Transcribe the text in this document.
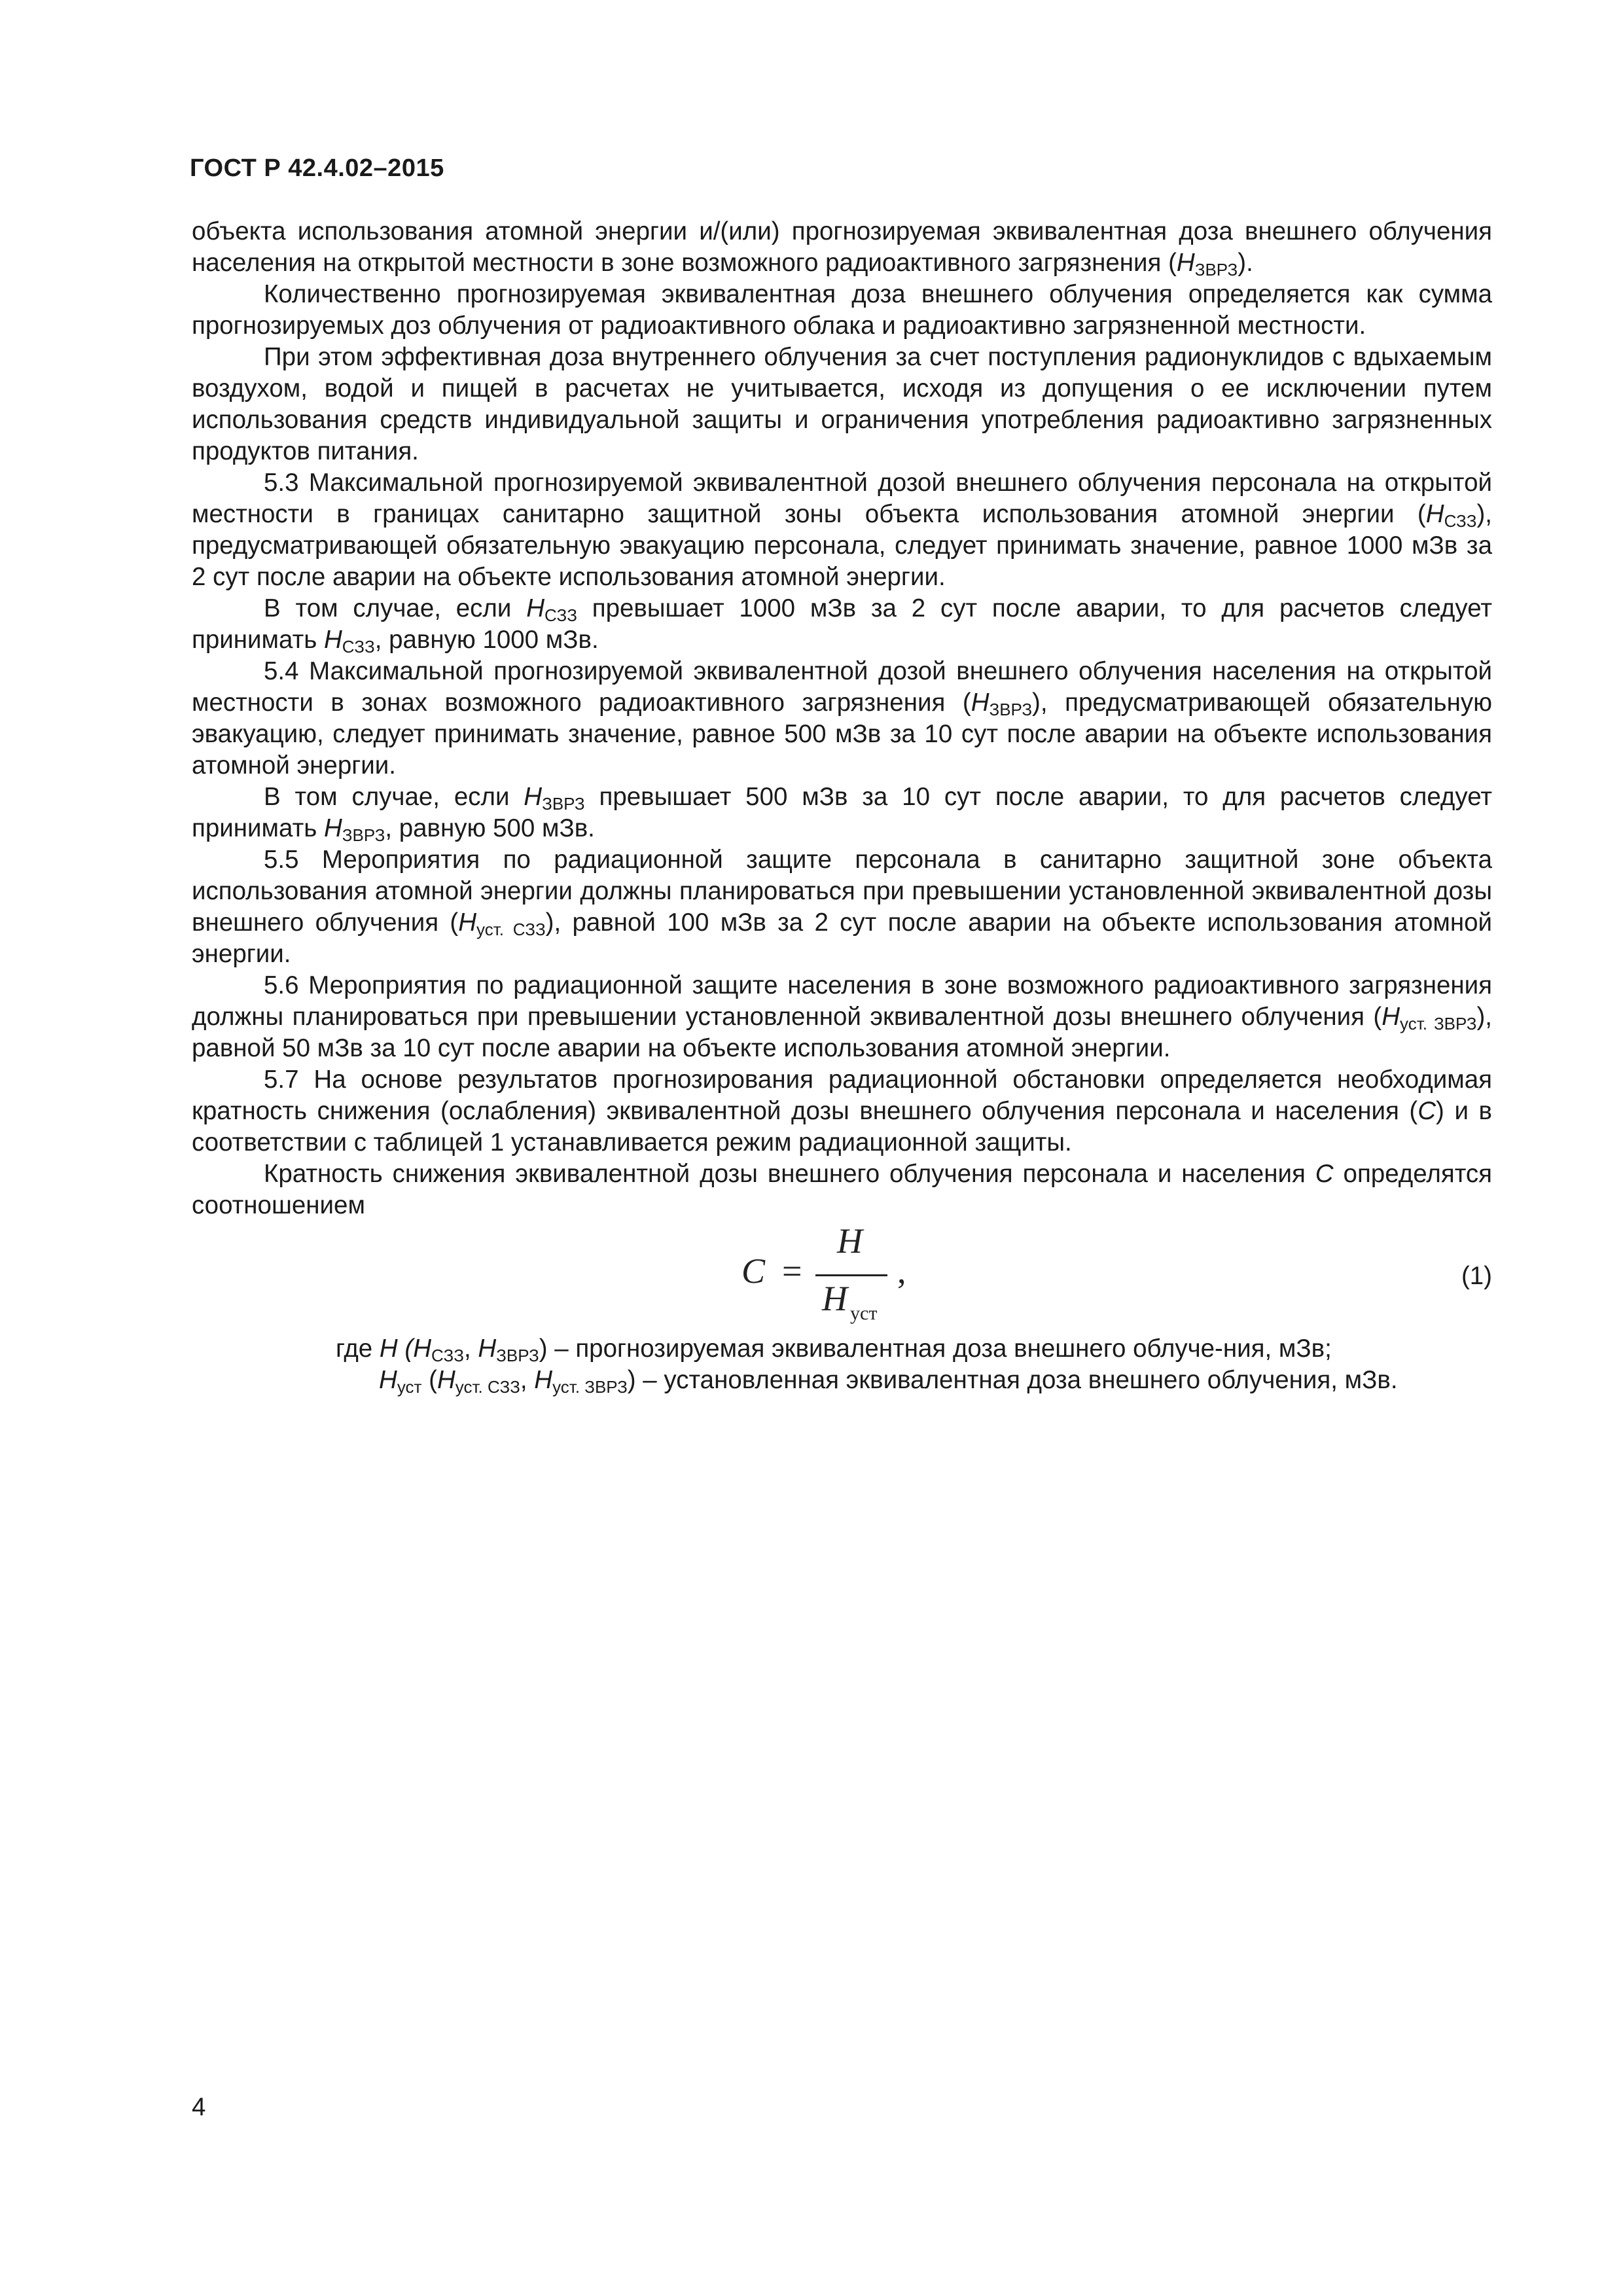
ГОСТ Р 42.4.02–2015

объекта использования атомной энергии и/(или) прогнозируемая эквивалентная доза внешнего облучения населения на открытой местности в зоне возможного радиоактивного загрязнения $(H_{ЗВРЗ})$.

Количественно прогнозируемая эквивалентная доза внешнего облучения определяется как сумма прогнозируемых доз облучения от радиоактивного облака и радиоактивно загрязненной местности.

При этом эффективная доза внутреннего облучения за счет поступления радионуклидов с вдыхаемым воздухом, водой и пищей в расчетах не учитывается, исходя из допущения о ее исключении путем использования средств индивидуальной защиты и ограничения употребления радиоактивно загрязненных продуктов питания.

5.3 Максимальной прогнозируемой эквивалентной дозой внешнего облучения персонала на открытой местности в границах санитарно защитной зоны объекта использования атомной энергии $(H_{СЗЗ})$, предусматривающей обязательную эвакуацию персонала, следует принимать значение, равное 1000 мЗв за 2 сут после аварии на объекте использования атомной энергии.

В том случае, если $H_{СЗЗ}$ превышает 1000 мЗв за 2 сут после аварии, то для расчетов следует принимать $H_{СЗЗ}$, равную 1000 мЗв.

5.4 Максимальной прогнозируемой эквивалентной дозой внешнего облучения населения на открытой местности в зонах возможного радиоактивного загрязнения $(H_{ЗВРЗ})$, предусматривающей обязательную эвакуацию, следует принимать значение, равное 500 мЗв за 10 сут после аварии на объекте использования атомной энергии.

В том случае, если $H_{ЗВРЗ}$ превышает 500 мЗв за 10 сут после аварии, то для расчетов следует принимать $H_{ЗВРЗ}$, равную 500 мЗв.

5.5 Мероприятия по радиационной защите персонала в санитарно защитной зоне объекта использования атомной энергии должны планироваться при превышении установленной эквивалентной дозы внешнего облучения $(H_{уст. СЗЗ})$, равной 100 мЗв за 2 сут после аварии на объекте использования атомной энергии.

5.6 Мероприятия по радиационной защите населения в зоне возможного радиоактивного загрязнения должны планироваться при превышении установленной эквивалентной дозы внешнего облучения $(H_{уст. ЗВРЗ})$, равной 50 мЗв за 10 сут после аварии на объекте использования атомной энергии.

5.7 На основе результатов прогнозирования радиационной обстановки определяется необходимая кратность снижения (ослабления) эквивалентной дозы внешнего облучения персонала и населения (С) и в соответствии с таблицей 1 устанавливается режим радиационной защиты.

Кратность снижения эквивалентной дозы внешнего облучения персонала и населения С определятся соотношением

C =
H
H $_{уст}$
,	(1)

где H ($H_{СЗЗ}$, $H_{ЗВРЗ}$) – прогнозируемая эквивалентная доза внешнего облуче-ния, мЗв;

$H_{уст}$ ($H_{уст. СЗЗ}$, $H_{уст. ЗВРЗ}$) – установленная эквивалентная доза внешнего облучения, мЗв.

4
